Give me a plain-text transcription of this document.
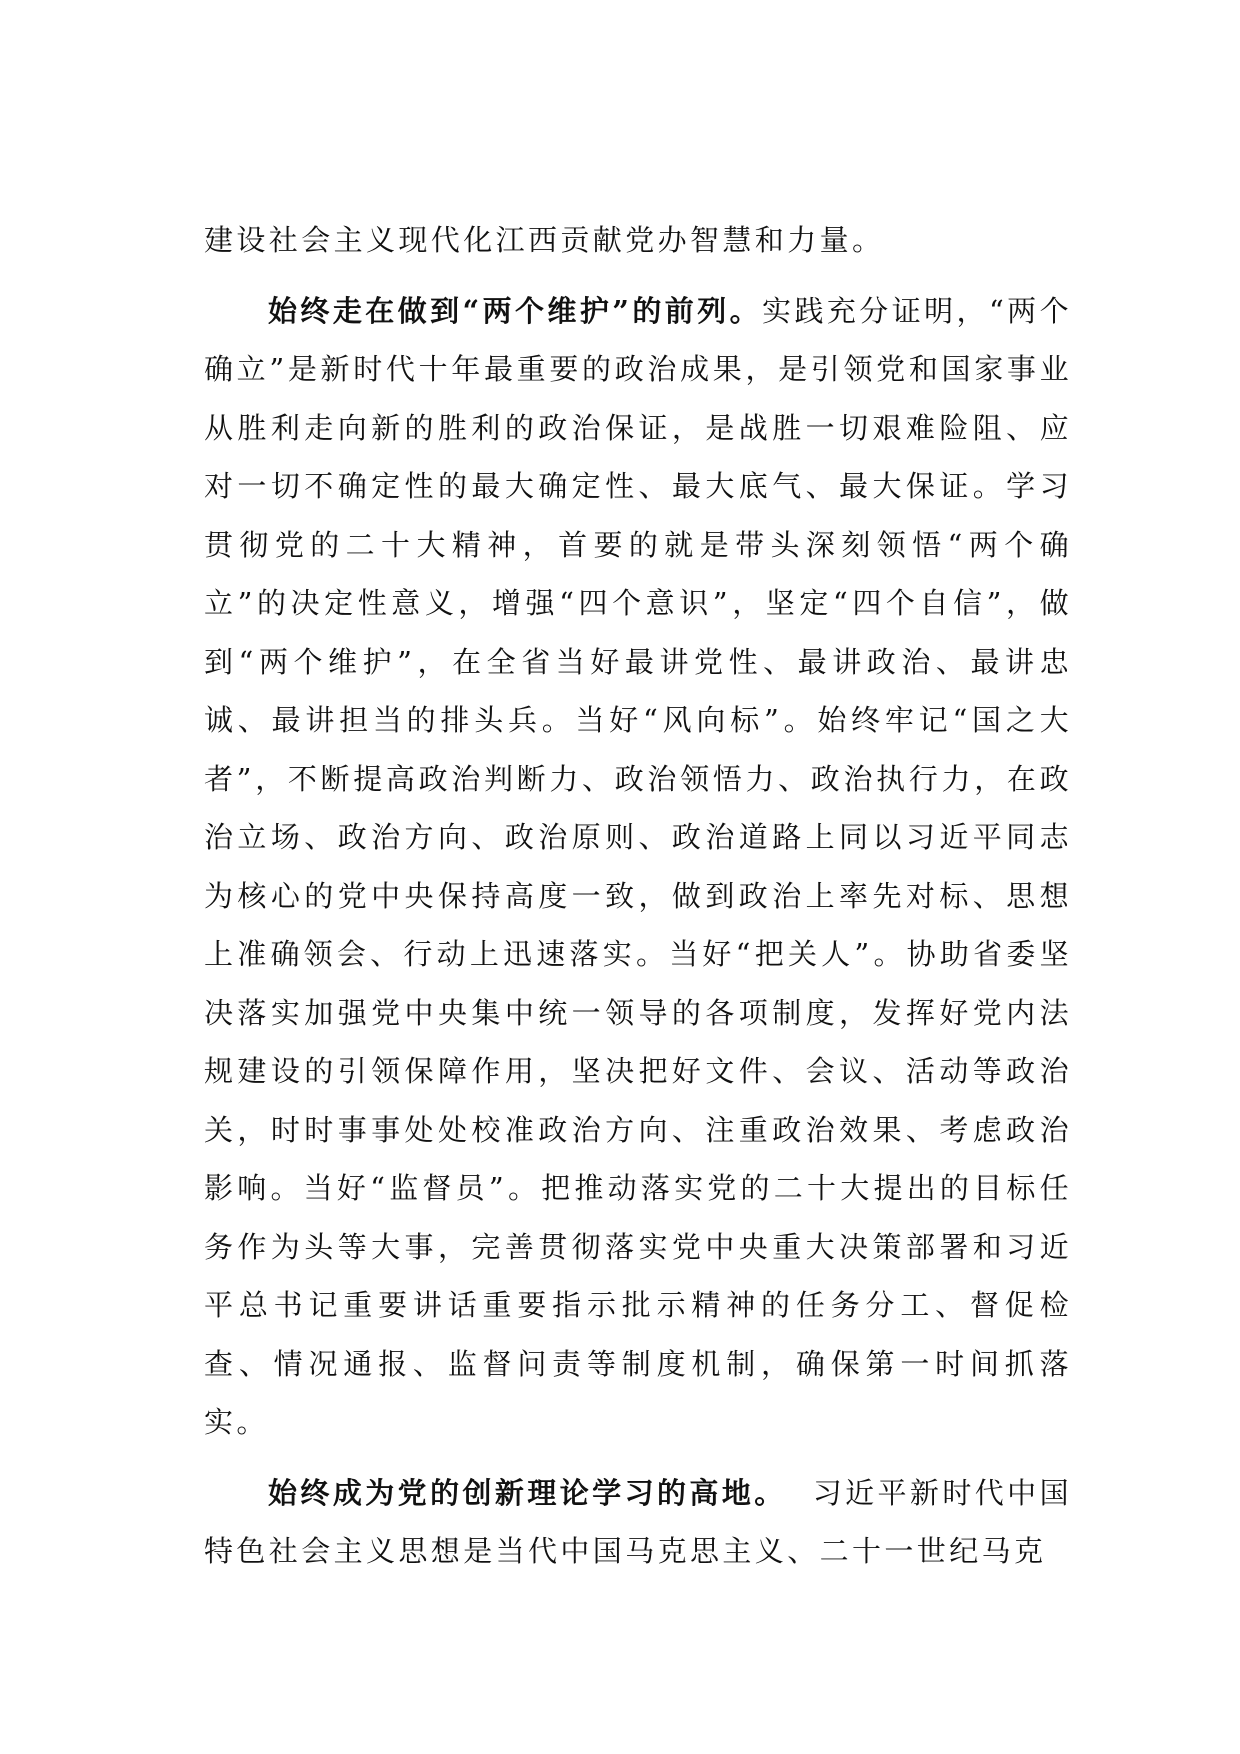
建设社会主义现代化江西贡献党办智慧和力量。

始终走在做到“两个维护”的前列。实践充分证明，“两个确立”是新时代十年最重要的政治成果，是引领党和国家事业从胜利走向新的胜利的政治保证，是战胜一切艰难险阻、应对一切不确定性的最大确定性、最大底气、最大保证。学习贯彻党的二十大精神，首要的就是带头深刻领悟“两个确立”的决定性意义，增强“四个意识”，坚定“四个自信”，做到“两个维护”，在全省当好最讲党性、最讲政治、最讲忠诚、最讲担当的排头兵。当好“风向标”。始终牢记“国之大者”，不断提高政治判断力、政治领悟力、政治执行力，在政治立场、政治方向、政治原则、政治道路上同以习近平同志为核心的党中央保持高度一致，做到政治上率先对标、思想上准确领会、行动上迅速落实。当好“把关人”。协助省委坚决落实加强党中央集中统一领导的各项制度，发挥好党内法规建设的引领保障作用，坚决把好文件、会议、活动等政治关，时时事事处处校准政治方向、注重政治效果、考虑政治影响。当好“监督员”。把推动落实党的二十大提出的目标任务作为头等大事，完善贯彻落实党中央重大决策部署和习近平总书记重要讲话重要指示批示精神的任务分工、督促检查、情况通报、监督问责等制度机制，确保第一时间抓落实。

始终成为党的创新理论学习的高地。 习近平新时代中国特色社会主义思想是当代中国马克思主义、二十一世纪马克
